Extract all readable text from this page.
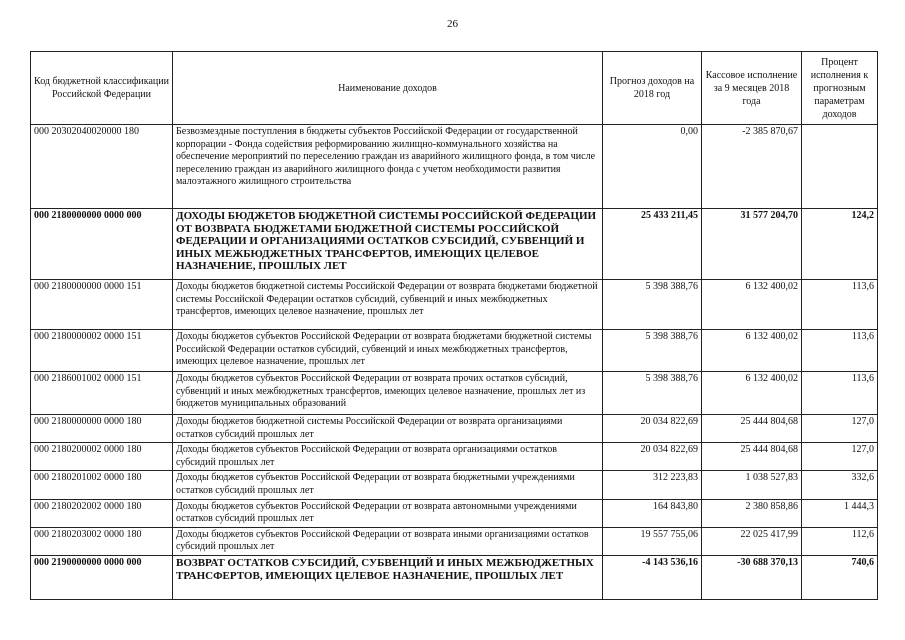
26
Код бюджетной классификации Российской Федерации	Наименование доходов	Прогноз доходов на 2018 год	Кассовое исполнение за 9 месяцев 2018 года	Процент исполнения к прогнозным параметрам доходов
000 20302040020000 180	Безвозмездные поступления в бюджеты субъектов Российской Федерации от государственной корпорации - Фонда содействия реформированию жилищно-коммунального хозяйства на обеспечение мероприятий по переселению граждан из аварийного жилищного фонда, в том числе переселению граждан из аварийного жилищного фонда с учетом необходимости развития малоэтажного жилищного строительства	0,00	-2 385 870,67	
000 2180000000 0000 000	ДОХОДЫ БЮДЖЕТОВ БЮДЖЕТНОЙ СИСТЕМЫ РОССИЙСКОЙ ФЕДЕРАЦИИ ОТ ВОЗВРАТА БЮДЖЕТАМИ БЮДЖЕТНОЙ СИСТЕМЫ РОССИЙСКОЙ ФЕДЕРАЦИИ И ОРГАНИЗАЦИЯМИ ОСТАТКОВ СУБСИДИЙ, СУБВЕНЦИЙ И ИНЫХ МЕЖБЮДЖЕТНЫХ ТРАНСФЕРТОВ, ИМЕЮЩИХ ЦЕЛЕВОЕ НАЗНАЧЕНИЕ, ПРОШЛЫХ ЛЕТ	25 433 211,45	31 577 204,70	124,2
000 2180000000 0000 151	Доходы бюджетов бюджетной системы Российской Федерации от возврата бюджетами бюджетной системы Российской Федерации остатков субсидий, субвенций и иных межбюджетных трансфертов, имеющих целевое назначение, прошлых лет	5 398 388,76	6 132 400,02	113,6
000 2180000002 0000 151	Доходы бюджетов субъектов Российской Федерации от возврата бюджетами бюджетной системы Российской Федерации остатков субсидий, субвенций и иных межбюджетных трансфертов, имеющих целевое назначение, прошлых лет	5 398 388,76	6 132 400,02	113,6
000 2186001002 0000 151	Доходы бюджетов субъектов Российской Федерации от возврата прочих остатков субсидий, субвенций и иных межбюджетных трансфертов, имеющих целевое назначение, прошлых лет из бюджетов муниципальных образований	5 398 388,76	6 132 400,02	113,6
000 2180000000 0000 180	Доходы бюджетов бюджетной системы Российской Федерации от возврата организациями остатков субсидий прошлых лет	20 034 822,69	25 444 804,68	127,0
000 2180200002 0000 180	Доходы бюджетов субъектов Российской Федерации от возврата организациями остатков субсидий прошлых лет	20 034 822,69	25 444 804,68	127,0
000 2180201002 0000 180	Доходы бюджетов субъектов Российской Федерации от возврата бюджетными учреждениями остатков субсидий прошлых лет	312 223,83	1 038 527,83	332,6
000 2180202002 0000 180	Доходы бюджетов субъектов Российской Федерации от возврата автономными учреждениями остатков субсидий прошлых лет	164 843,80	2 380 858,86	1 444,3
000 2180203002 0000 180	Доходы бюджетов субъектов Российской Федерации от возврата иными организациями остатков субсидий прошлых лет	19 557 755,06	22 025 417,99	112,6
000 2190000000 0000 000	ВОЗВРАТ ОСТАТКОВ СУБСИДИЙ, СУБВЕНЦИЙ И ИНЫХ МЕЖБЮДЖЕТНЫХ ТРАНСФЕРТОВ, ИМЕЮЩИХ ЦЕЛЕВОЕ НАЗНАЧЕНИЕ, ПРОШЛЫХ ЛЕТ	-4 143 536,16	-30 688 370,13	740,6
